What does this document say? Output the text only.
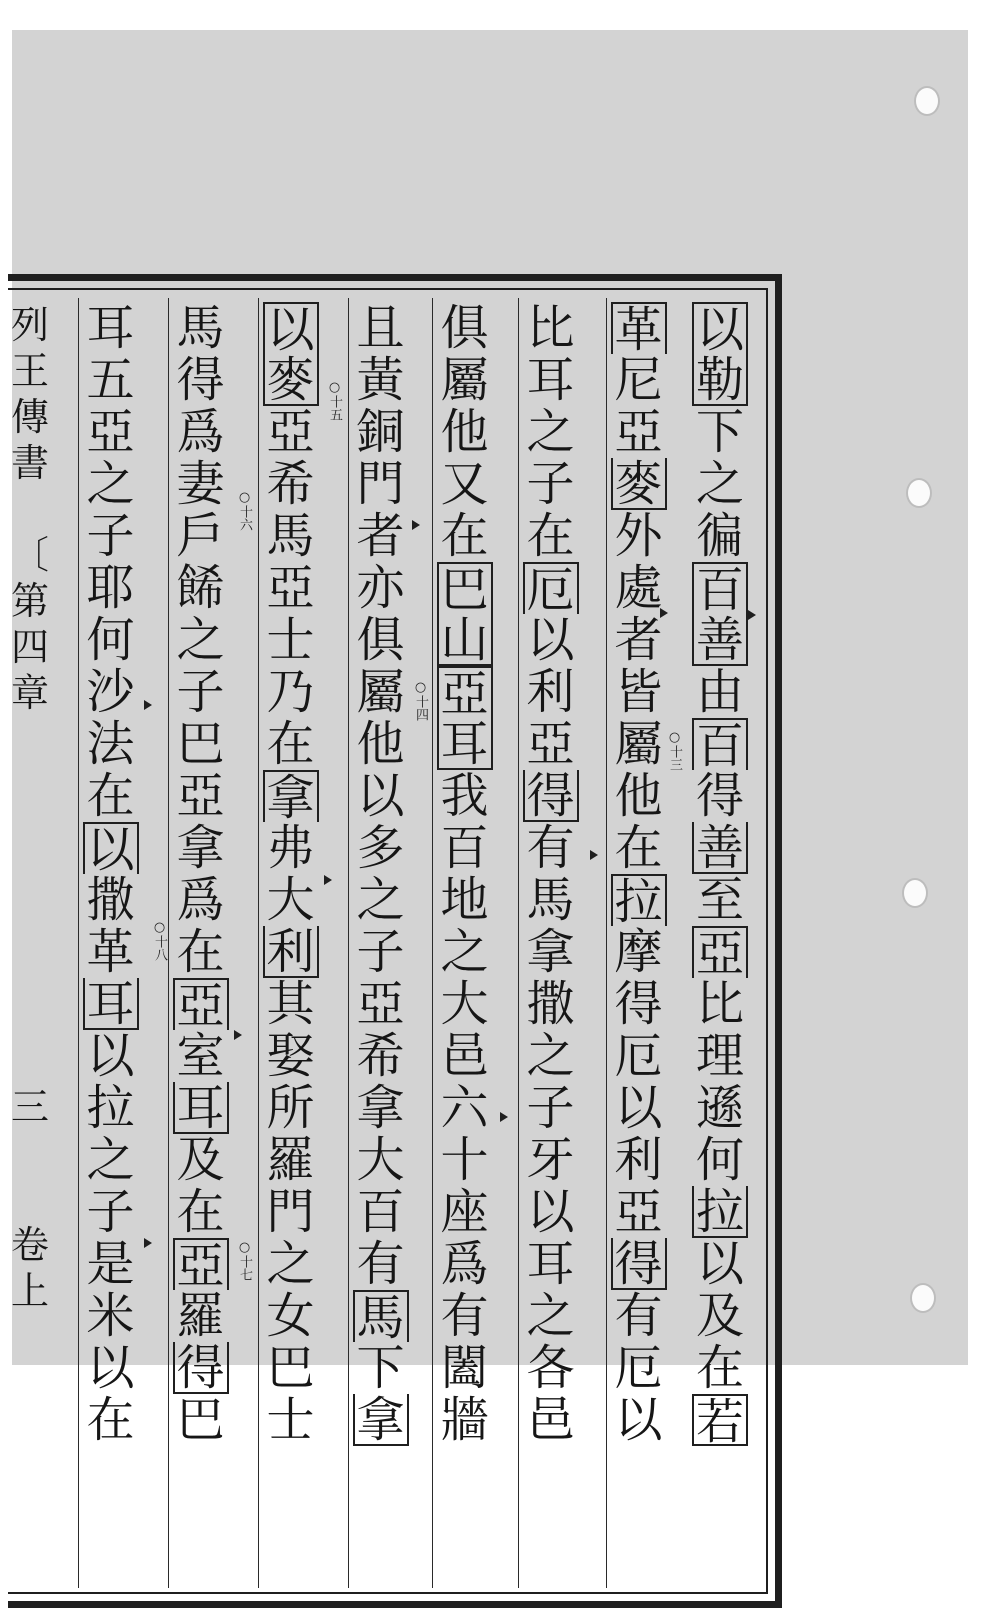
列
王
傳
書
〔
第
四
章
三
卷
上
以
勒
下
之
徧
百
善
由
百
得
善
至
亞
比
理
遜
何
拉
以
及
在
若
革
尼
亞
麥
外
處
者
皆
屬
他
在
拉
摩
得
厄
以
利
亞
得
有
厄
以
比
耳
之
子
在
厄
以
利
亞
得
有
馬
拿
撒
之
子
牙
以
耳
之
各
邑
俱
屬
他
又
在
巴
山
亞
耳
我
百
地
之
大
邑
六
十
座
爲
有
闔
牆
且
黃
銅
門
者
亦
俱
屬
他
以
多
之
子
亞
希
拿
大
百
有
馬
下
拿
以
麥
亞
希
馬
亞
士
乃
在
拿
弗
大
利
其
娶
所
羅
門
之
女
巴
士
馬
得
爲
妻
戶
餙
之
子
巴
亞
拿
爲
在
亞
室
耳
及
在
亞
羅
得
巴
耳
五
亞
之
子
耶
何
沙
法
在
以
撒
革
耳
以
拉
之
子
是
米
以
在
○十三
○十四
○十五
○十六
○十七
○十八
